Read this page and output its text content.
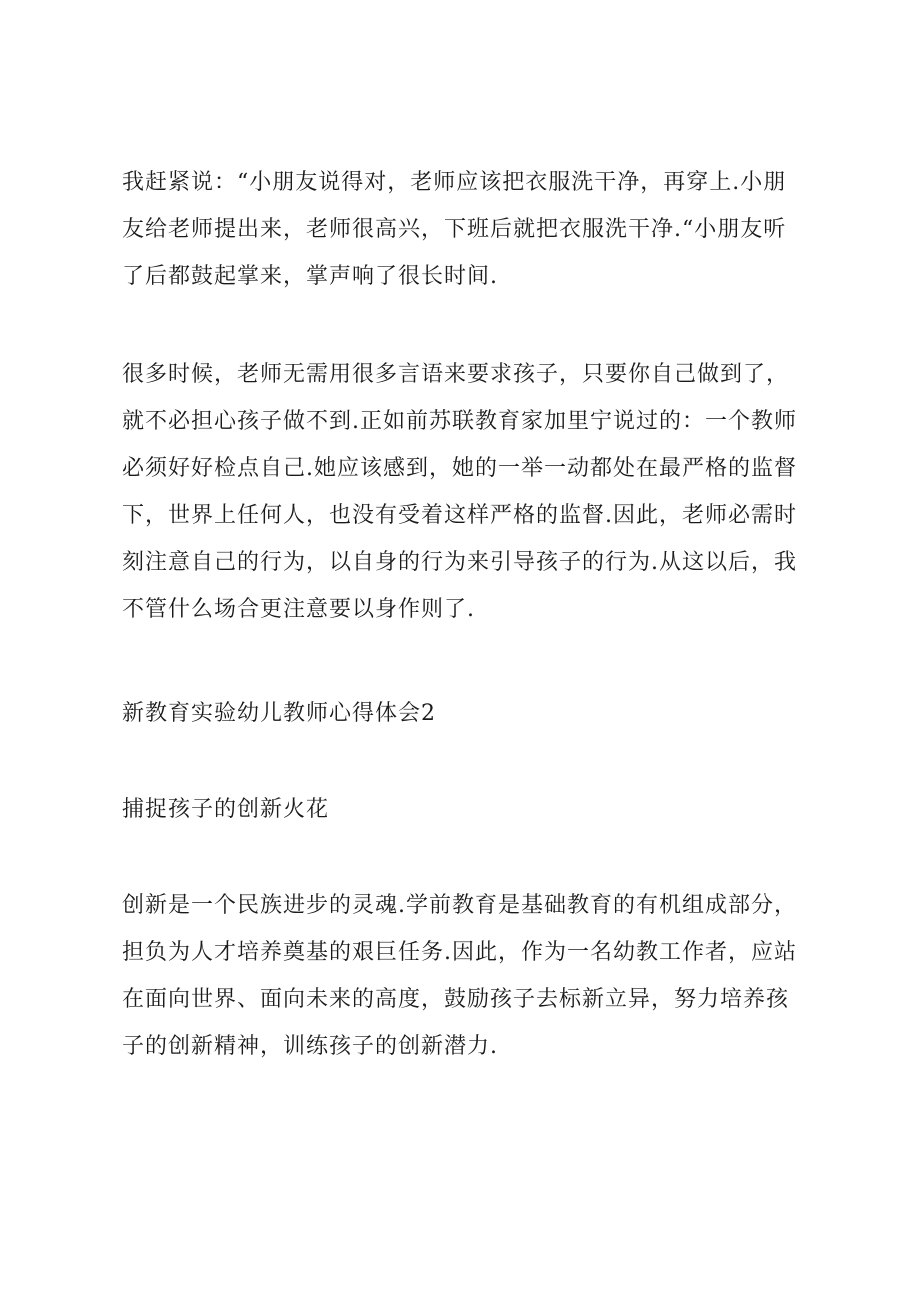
我赶紧说：“小朋友说得对，老师应该把衣服洗干净，再穿上.小朋
友给老师提出来，老师很高兴，下班后就把衣服洗干净.“小朋友听
了后都鼓起掌来，掌声响了很长时间.
很多时候，老师无需用很多言语来要求孩子，只要你自己做到了，
就不必担心孩子做不到.正如前苏联教育家加里宁说过的：一个教师
必须好好检点自己.她应该感到，她的一举一动都处在最严格的监督
下，世界上任何人，也没有受着这样严格的监督.因此，老师必需时
刻注意自己的行为，以自身的行为来引导孩子的行为.从这以后，我
不管什么场合更注意要以身作则了.
新教育实验幼儿教师心得体会2
捕捉孩子的创新火花
创新是一个民族进步的灵魂.学前教育是基础教育的有机组成部分，
担负为人才培养奠基的艰巨任务.因此，作为一名幼教工作者，应站
在面向世界、面向未来的高度，鼓励孩子去标新立异，努力培养孩
子的创新精神，训练孩子的创新潜力.
